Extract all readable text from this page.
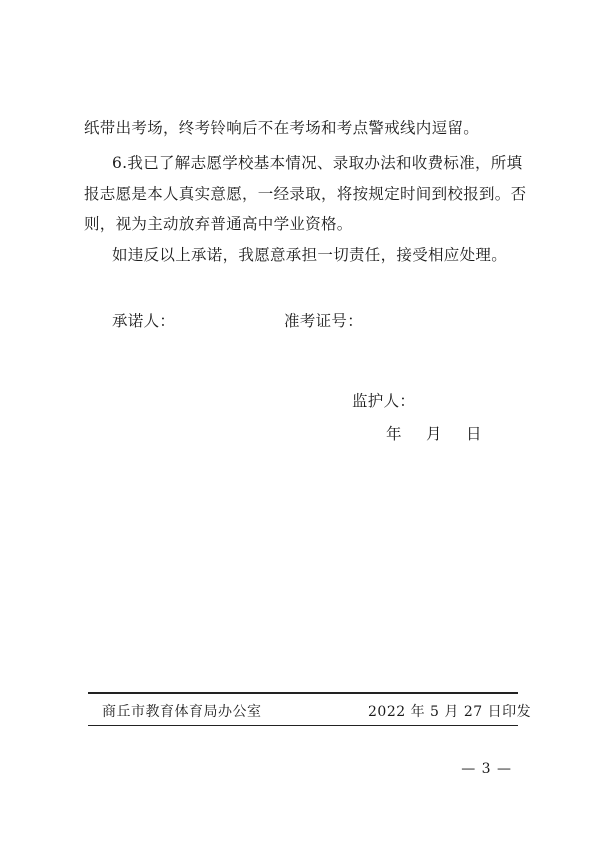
纸带出考场，终考铃响后不在考场和考点警戒线内逗留。
6.我已了解志愿学校基本情况、录取办法和收费标准，所填
报志愿是本人真实意愿，一经录取，将按规定时间到校报到。否
则，视为主动放弃普通高中学业资格。
如违反以上承诺，我愿意承担一切责任，接受相应处理。
承诺人：	准考证号：
监护人：
年 月 日
商丘市教育体育局办公室	2022 年 5 月 27 日印发
— 3 —
